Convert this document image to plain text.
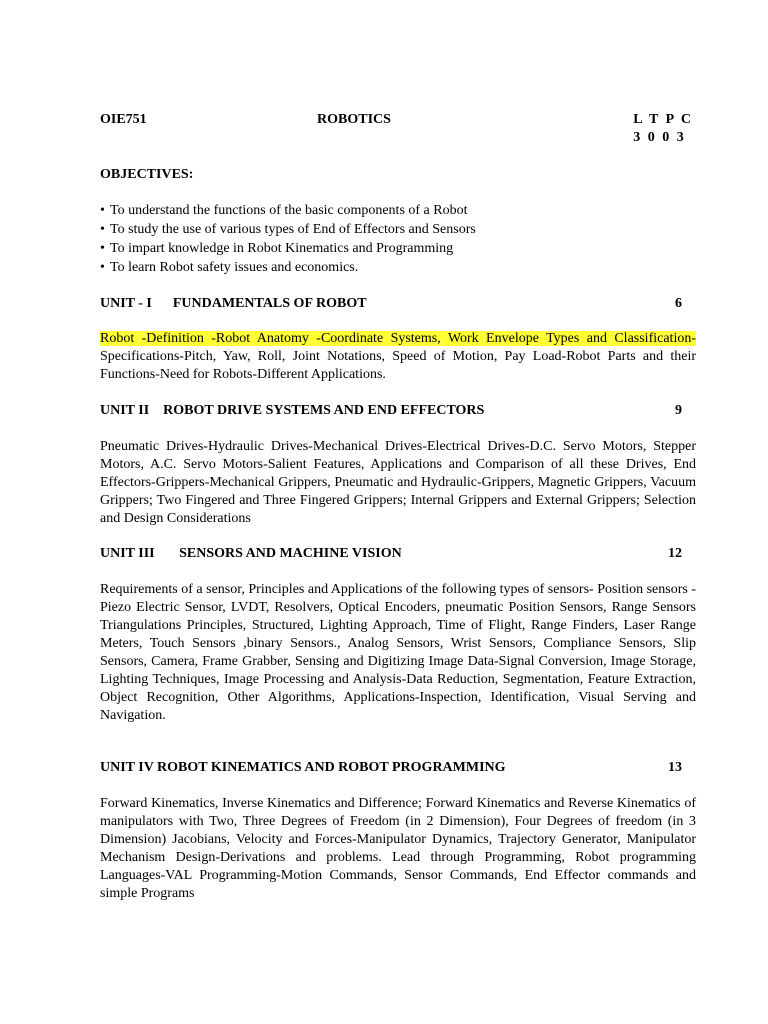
OIE751	ROBOTICS	L T P C
3 0 0 3
OBJECTIVES:
• To understand the functions of the basic components of a Robot
• To study the use of various types of End of Effectors and Sensors
• To impart knowledge in Robot Kinematics and Programming
• To learn Robot safety issues and economics.
UNIT - I      FUNDAMENTALS OF ROBOT	6

Robot -Definition -Robot Anatomy -Coordinate Systems, Work Envelope Types and Classification-Specifications-Pitch, Yaw, Roll, Joint Notations, Speed of Motion, Pay Load-Robot Parts and their Functions-Need for Robots-Different Applications.

UNIT II    ROBOT DRIVE SYSTEMS AND END EFFECTORS	9

Pneumatic Drives-Hydraulic Drives-Mechanical Drives-Electrical Drives-D.C. Servo Motors, Stepper Motors, A.C. Servo Motors-Salient Features, Applications and Comparison of all these Drives, End Effectors-Grippers-Mechanical Grippers, Pneumatic and Hydraulic-Grippers, Magnetic Grippers, Vacuum Grippers; Two Fingered and Three Fingered Grippers; Internal Grippers and External Grippers; Selection and Design Considerations

UNIT III       SENSORS AND MACHINE VISION	12

Requirements of a sensor, Principles and Applications of the following types of sensors- Position sensors -Piezo Electric Sensor, LVDT, Resolvers, Optical Encoders, pneumatic Position Sensors, Range Sensors Triangulations Principles, Structured, Lighting Approach, Time of Flight, Range Finders, Laser Range Meters, Touch Sensors ,binary Sensors., Analog Sensors, Wrist Sensors, Compliance Sensors, Slip Sensors, Camera, Frame Grabber, Sensing and Digitizing Image Data-Signal Conversion, Image Storage, Lighting Techniques, Image Processing and Analysis-Data Reduction, Segmentation, Feature Extraction, Object Recognition, Other Algorithms, Applications-Inspection, Identification, Visual Serving and Navigation.

UNIT IV ROBOT KINEMATICS AND ROBOT PROGRAMMING	13

Forward Kinematics, Inverse Kinematics and Difference; Forward Kinematics and Reverse Kinematics of manipulators with Two, Three Degrees of Freedom (in 2 Dimension), Four Degrees of freedom (in 3 Dimension) Jacobians, Velocity and Forces-Manipulator Dynamics, Trajectory Generator, Manipulator Mechanism Design-Derivations and problems. Lead through Programming, Robot programming Languages-VAL Programming-Motion Commands, Sensor Commands, End Effector commands and simple Programs
